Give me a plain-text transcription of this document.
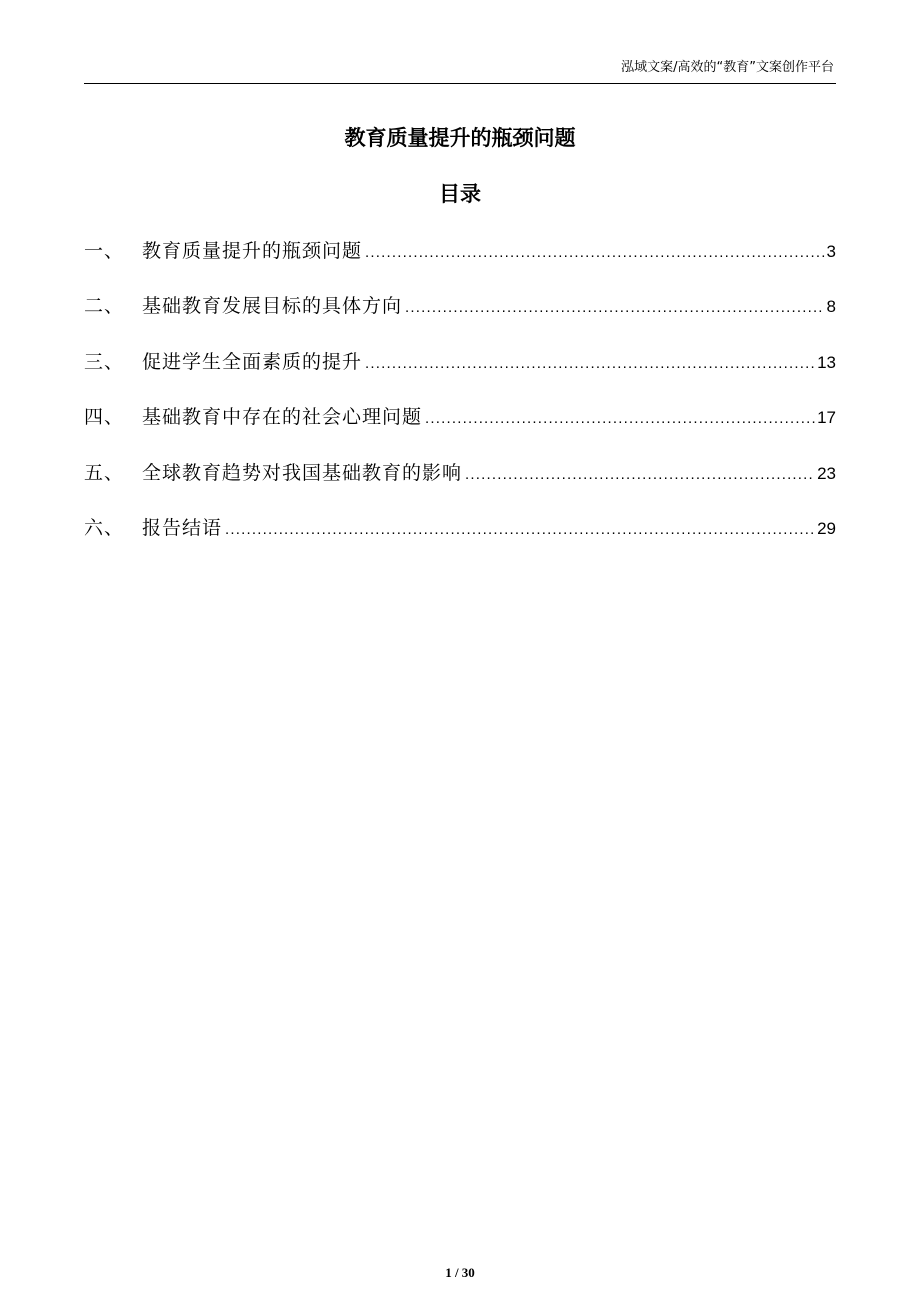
泓域文案/高效的“教育”文案创作平台
教育质量提升的瓶颈问题
目录
一、 教育质量提升的瓶颈问题 .....	3
二、 基础教育发展目标的具体方向 .....	8
三、 促进学生全面素质的提升 .....	13
四、 基础教育中存在的社会心理问题 .....	17
五、 全球教育趋势对我国基础教育的影响 .....	23
六、 报告结语 .....	29
1 / 30
